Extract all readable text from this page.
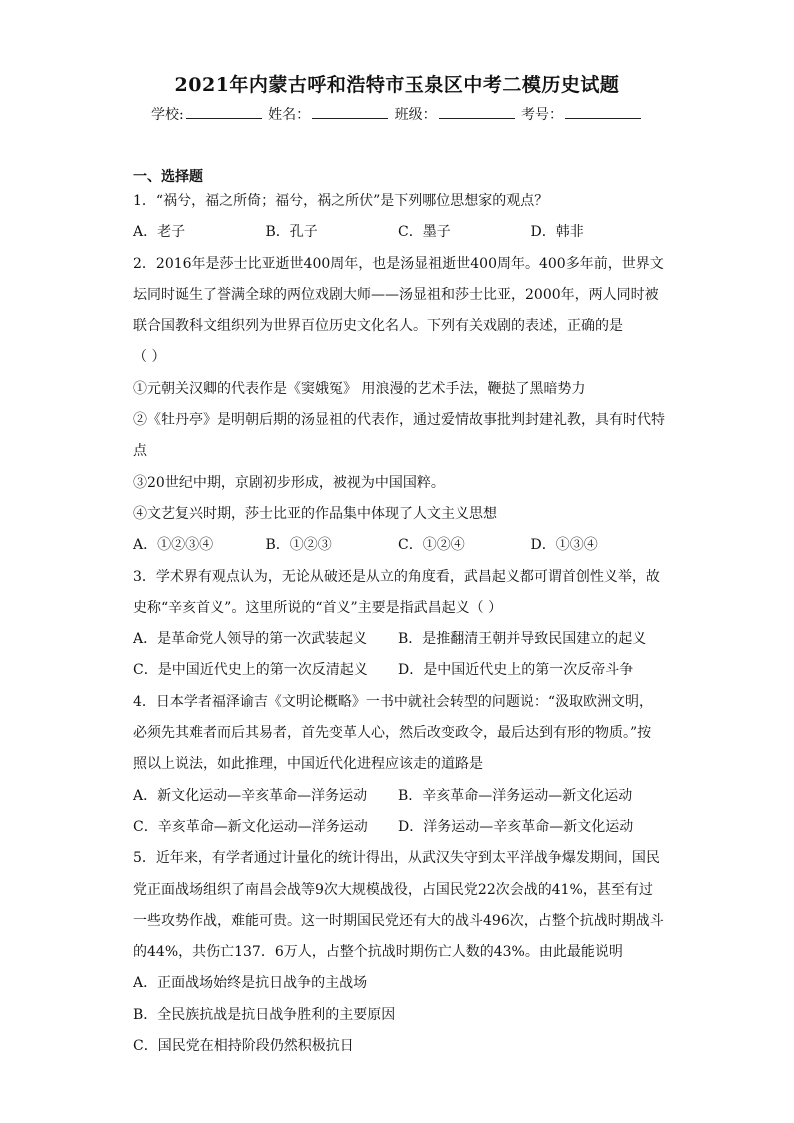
2021年内蒙古呼和浩特市玉泉区中考二模历史试题
学校:	姓名：	班级：	考号：
一、选择题
1．“祸兮，福之所倚；福兮，祸之所伏”是下列哪位思想家的观点？
A．老子	B．孔子	C．墨子	D．韩非
2．2016年是莎士比亚逝世400周年，也是汤显祖逝世400周年。400多年前，世界文
坛同时诞生了誉满全球的两位戏剧大师——汤显祖和莎士比亚，2000年，两人同时被
联合国教科文组织列为世界百位历史文化名人。下列有关戏剧的表述，正确的是
（ ）
①元朝关汉卿的代表作是《窦娥冤》 用浪漫的艺术手法，鞭挞了黑暗势力
②《牡丹亭》是明朝后期的汤显祖的代表作，通过爱情故事批判封建礼教，具有时代特
点
③20世纪中期，京剧初步形成，被视为中国国粹。
④文艺复兴时期，莎士比亚的作品集中体现了人文主义思想
A．①②③④	B．①②③	C．①②④	D．①③④
3．学术界有观点认为，无论从破还是从立的角度看，武昌起义都可谓首创性义举，故
史称“辛亥首义”。这里所说的“首义”主要是指武昌起义（ ）
A．是革命党人领导的第一次武装起义	B．是推翻清王朝并导致民国建立的起义
C．是中国近代史上的第一次反清起义	D．是中国近代史上的第一次反帝斗争
4．日本学者福泽谕吉《文明论概略》一书中就社会转型的问题说：“汲取欧洲文明，
必须先其难者而后其易者，首先变革人心，然后改变政令，最后达到有形的物质。”按
照以上说法，如此推理，中国近代化进程应该走的道路是
A．新文化运动—辛亥革命—洋务运动	B．辛亥革命—洋务运动—新文化运动
C．辛亥革命—新文化运动—洋务运动	D．洋务运动—辛亥革命—新文化运动
5．近年来，有学者通过计量化的统计得出，从武汉失守到太平洋战争爆发期间，国民
党正面战场组织了南昌会战等9次大规模战役，占国民党22次会战的41%，甚至有过
一些攻势作战，难能可贵。这一时期国民党还有大的战斗496次，占整个抗战时期战斗
的44%，共伤亡137．6万人，占整个抗战时期伤亡人数的43%。由此最能说明
A．正面战场始终是抗日战争的主战场
B．全民族抗战是抗日战争胜利的主要原因
C．国民党在相持阶段仍然积极抗日
